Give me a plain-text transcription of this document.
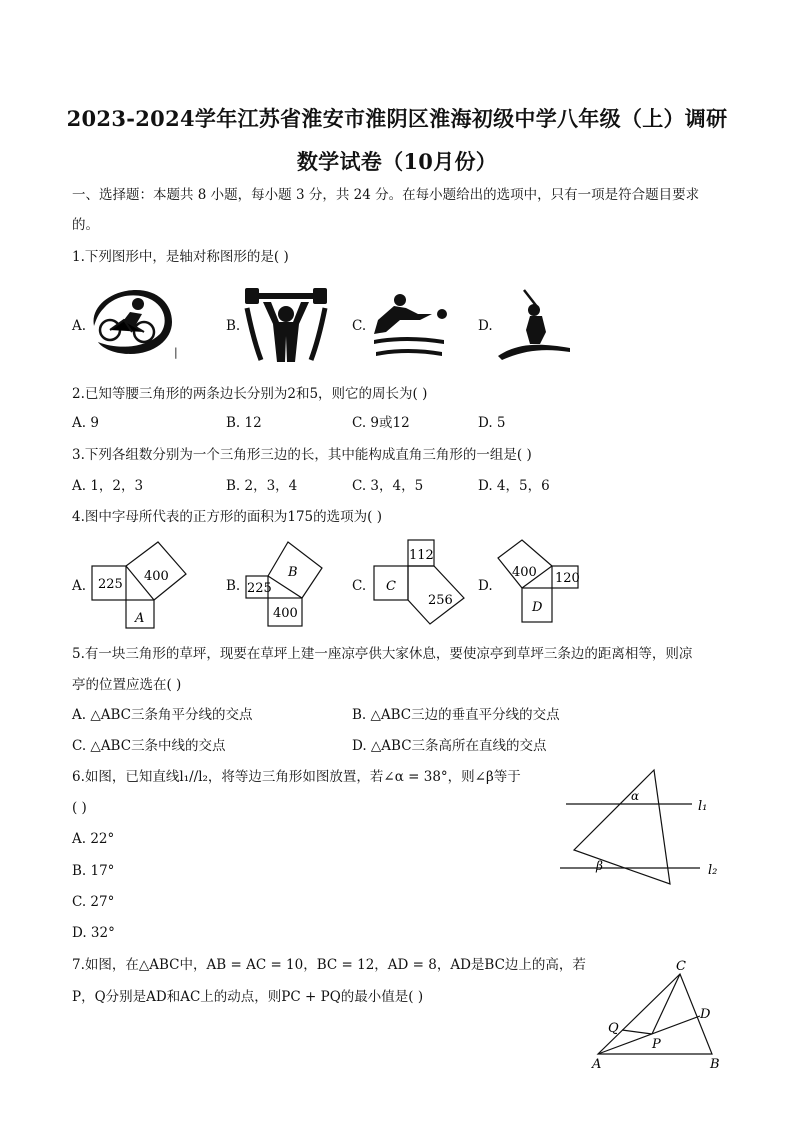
2023-2024学年江苏省淮安市淮阴区淮海初级中学八年级（上）调研
数学试卷（10月份）
一、选择题：本题共 8 小题，每小题 3 分，共 24 分。在每小题给出的选项中，只有一项是符合题目要求
的。
1.下列图形中，是轴对称图形的是( )
A.	B.	C.	D.
|
2.已知等腰三角形的两条边长分别为2和5，则它的周长为( )
A. 9	B. 12	C. 9或12	D. 5
3.下列各组数分别为一个三角形三边的长，其中能构成直角三角形的一组是( )
A. 1，2，3	B. 2，3，4	C. 3，4，5	D. 4，5，6
4.图中字母所代表的正方形的面积为175的选项为( )
A.	B.	C.	D.
225
400
A
225
B
400
C
112
256
400 120
D
5.有一块三角形的草坪，现要在草坪上建一座凉亭供大家休息，要使凉亭到草坪三条边的距离相等，则凉
亭的位置应选在( )
A. △ABC三条角平分线的交点	B. △ABC三边的垂直平分线的交点
C. △ABC三条中线的交点	D. △ABC三条高所在直线的交点
6.如图，已知直线l₁//l₂，将等边三角形如图放置，若∠α = 38°，则∠β等于
( )
A. 22°
B. 17°
C. 27°
D. 32°
α
β
l₁
l₂
7.如图，在△ABC中，AB = AC = 10，BC = 12，AD = 8，AD是BC边上的高，若
P，Q分别是AD和AC上的动点，则PC + PQ的最小值是( )
C
D
Q
P
A	B
